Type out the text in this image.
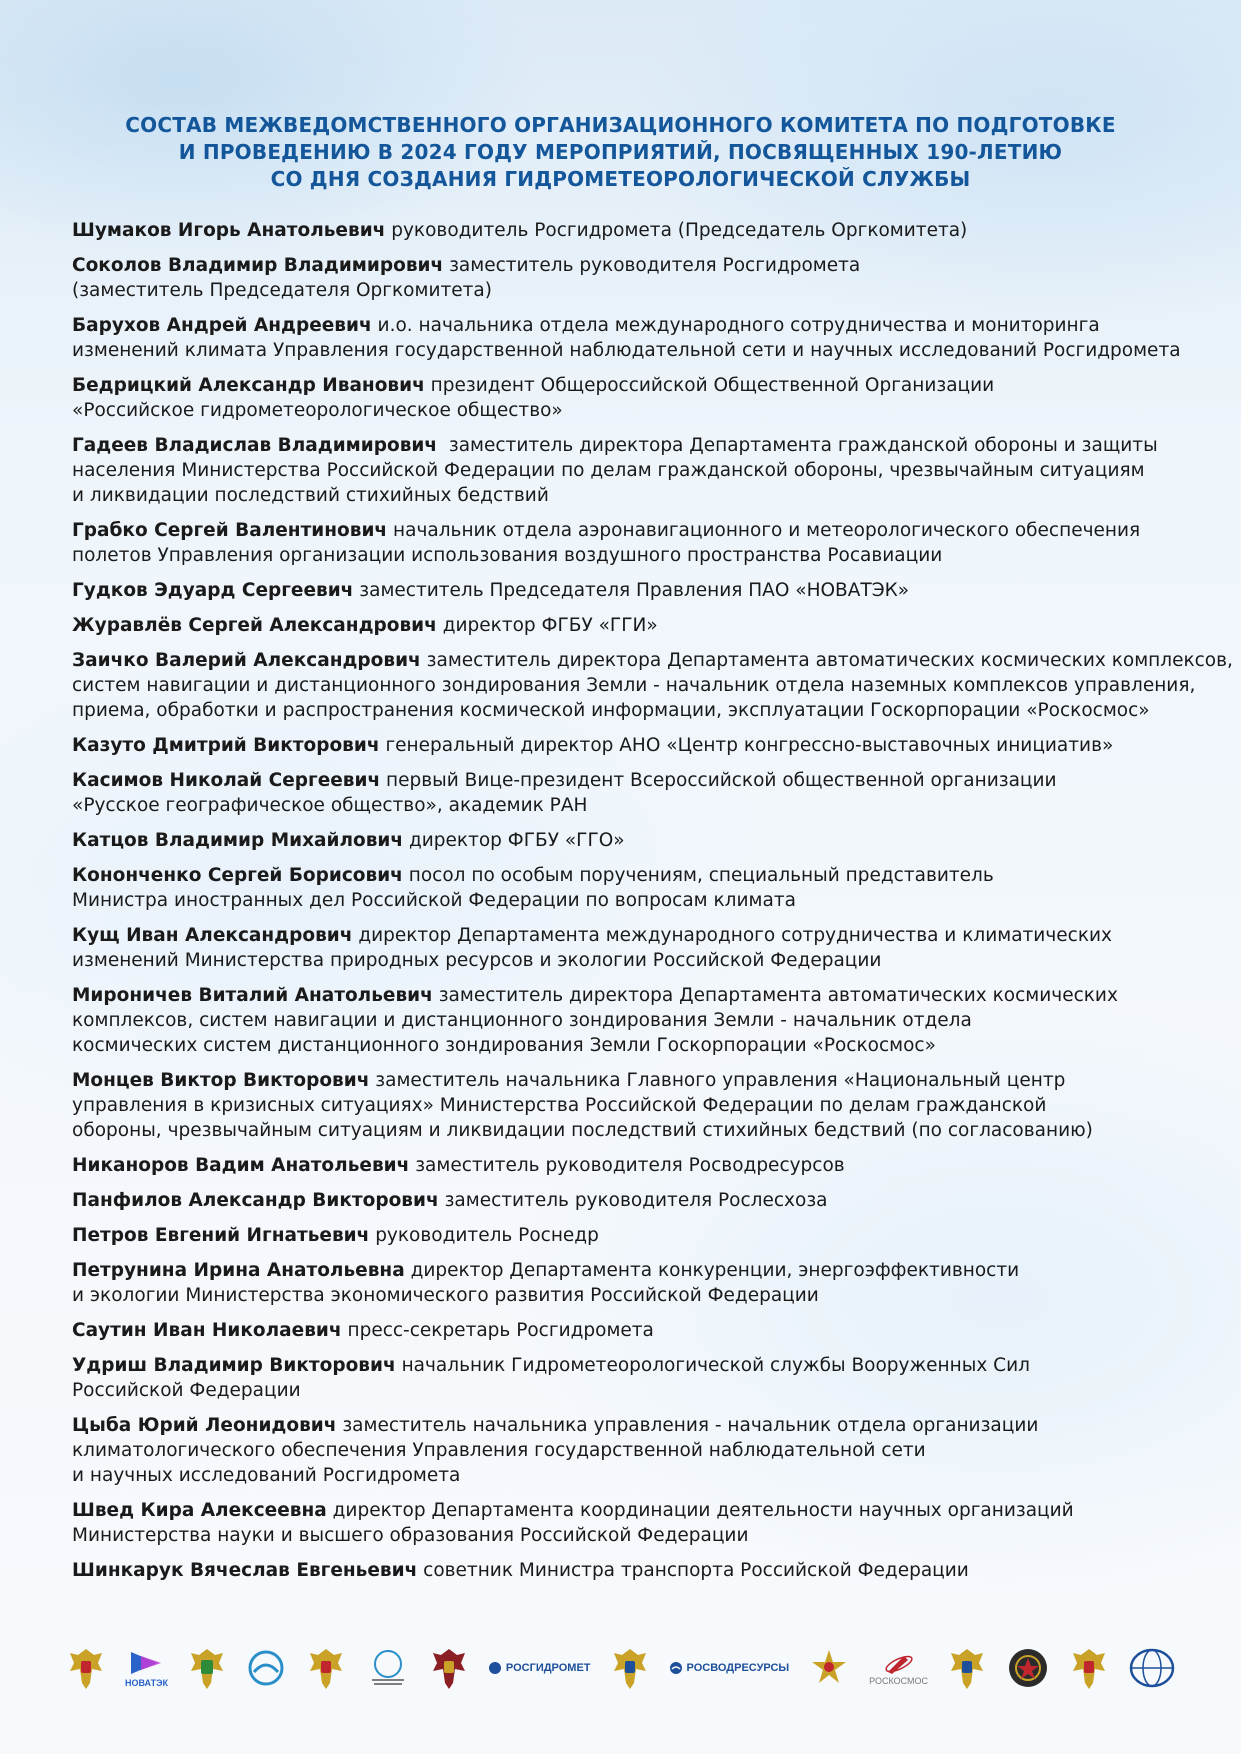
СОСТАВ МЕЖВЕДОМСТВЕННОГО ОРГАНИЗАЦИОННОГО КОМИТЕТА ПО ПОДГОТОВКЕ
И ПРОВЕДЕНИЮ В 2024 ГОДУ МЕРОПРИЯТИЙ, ПОСВЯЩЕННЫХ 190-ЛЕТИЮ
СО ДНЯ СОЗДАНИЯ ГИДРОМЕТЕОРОЛОГИЧЕСКОЙ СЛУЖБЫ
Шумаков Игорь Анатольевич руководитель Росгидромета (Председатель Оргкомитета)
Соколов Владимир Владимирович заместитель руководителя Росгидромета
(заместитель Председателя Оргкомитета)
Барухов Андрей Андреевич и.о. начальника отдела международного сотрудничества и мониторинга
изменений климата Управления государственной наблюдательной сети и научных исследований Росгидромета
Бедрицкий Александр Иванович президент Общероссийской Общественной Организации
«Российское гидрометеорологическое общество»
Гадеев Владислав Владимирович  заместитель директора Департамента гражданской обороны и защиты
населения Министерства Российской Федерации по делам гражданской обороны, чрезвычайным ситуациям
и ликвидации последствий стихийных бедствий
Грабко Сергей Валентинович начальник отдела аэронавигационного и метеорологического обеспечения
полетов Управления организации использования воздушного пространства Росавиации
Гудков Эдуард Сергеевич заместитель Председателя Правления ПАО «НОВАТЭК»
Журавлёв Сергей Александрович директор ФГБУ «ГГИ»
Заичко Валерий Александрович заместитель директора Департамента автоматических космических комплексов,
систем навигации и дистанционного зондирования Земли - начальник отдела наземных комплексов управления,
приема, обработки и распространения космической информации, эксплуатации Госкорпорации «Роскосмос»
Казуто Дмитрий Викторович генеральный директор АНО «Центр конгрессно-выставочных инициатив»
Касимов Николай Сергеевич первый Вице-президент Всероссийской общественной организации
«Русское географическое общество», академик РАН
Катцов Владимир Михайлович директор ФГБУ «ГГО»
Конончeнко Сергей Борисович посол по особым поручениям, специальный представитель
Министра иностранных дел Российской Федерации по вопросам климата
Кущ Иван Александрович директор Департамента международного сотрудничества и климатических
изменений Министерства природных ресурсов и экологии Российской Федерации
Мироничев Виталий Анатольевич заместитель директора Департамента автоматических космических
комплексов, систем навигации и дистанционного зондирования Земли - начальник отдела
космических систем дистанционного зондирования Земли Госкорпорации «Роскосмос»
Монцев Виктор Викторович заместитель начальника Главного управления «Национальный центр
управления в кризисных ситуациях» Министерства Российской Федерации по делам гражданской
обороны, чрезвычайным ситуациям и ликвидации последствий стихийных бедствий (по согласованию)
Никаноров Вадим Анатольевич заместитель руководителя Росводресурсов
Панфилов Александр Викторович заместитель руководителя Рослесхоза
Петров Евгений Игнатьевич руководитель Роснедр
Петрунина Ирина Анатольевна директор Департамента конкуренции, энергоэффективности
и экологии Министерства экономического развития Российской Федерации
Саутин Иван Николаевич пресс-секретарь Росгидромета
Удриш Владимир Викторович начальник Гидрометеорологической службы Вооруженных Сил
Российской Федерации
Цыба Юрий Леонидович заместитель начальника управления - начальник отдела организации
климатологического обеспечения Управления государственной наблюдательной сети
и научных исследований Росгидромета
Швед Кира Алексеевна директор Департамента координации деятельности научных организаций
Министерства науки и высшего образования Российской Федерации
Шинкарук Вячеслав Евгеньевич советник Министра транспорта Российской Федерации
НОВАТЭК
РОСГИДРОМЕТ	РОСВОДРЕСУРСЫ
РОСКОСМОС
